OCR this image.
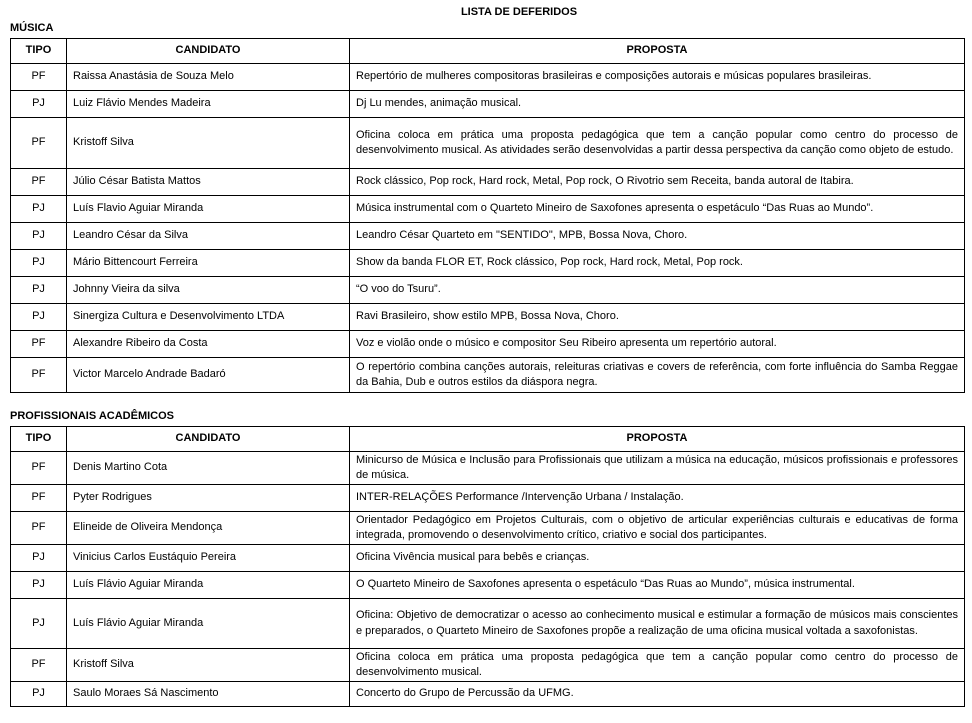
LISTA DE DEFERIDOS
MÚSICA
TIPO	CANDIDATO	PROPOSTA
PF	Raissa Anastásia de Souza Melo	Repertório de mulheres compositoras brasileiras e composições autorais e músicas populares brasileiras.
PJ	Luiz Flávio Mendes Madeira	Dj Lu mendes, animação musical.
PF	Kristoff Silva	Oficina coloca em prática uma proposta pedagógica que tem a canção popular como centro do processo de desenvolvimento musical. As atividades serão desenvolvidas a partir dessa perspectiva da canção como objeto de estudo.
PF	Júlio César Batista Mattos	Rock clássico, Pop rock, Hard rock, Metal, Pop rock, O Rivotrio sem Receita, banda autoral de Itabira.
PJ	Luís Flavio Aguiar Miranda	Música instrumental com o Quarteto Mineiro de Saxofones apresenta o espetáculo “Das Ruas ao Mundo”.
PJ	Leandro César da Silva	Leandro César Quarteto em "SENTIDO", MPB, Bossa Nova, Choro.
PJ	Mário Bittencourt Ferreira	Show da banda FLOR ET, Rock clássico, Pop rock, Hard rock, Metal, Pop rock.
PJ	Johnny Vieira da silva	“O voo do Tsuru”.
PJ	Sinergiza Cultura e Desenvolvimento LTDA	Ravi Brasileiro, show estilo MPB, Bossa Nova, Choro.
PF	Alexandre Ribeiro da Costa	Voz e violão onde o músico e compositor Seu Ribeiro apresenta um repertório autoral.
PF	Victor Marcelo Andrade Badaró	O repertório combina canções autorais, releituras criativas e covers de referência, com forte influência do Samba Reggae da Bahia, Dub e outros estilos da diáspora negra.
PROFISSIONAIS ACADÊMICOS
TIPO	CANDIDATO	PROPOSTA
PF	Denis Martino Cota	Minicurso de Música e Inclusão para Profissionais que utilizam a música na educação, músicos profissionais e professores de música.
PF	Pyter Rodrigues	INTER-RELAÇÕES Performance /Intervenção Urbana / Instalação.
PF	Elineide de Oliveira Mendonça	Orientador Pedagógico em Projetos Culturais, com o objetivo de articular experiências culturais e educativas de forma integrada, promovendo o desenvolvimento crítico, criativo e social dos participantes.
PJ	Vinicius Carlos Eustáquio Pereira	Oficina Vivência musical para bebês e crianças.
PJ	Luís Flávio Aguiar Miranda	O Quarteto Mineiro de Saxofones apresenta o espetáculo “Das Ruas ao Mundo”, música instrumental.
PJ	Luís Flávio Aguiar Miranda	Oficina: Objetivo de democratizar o acesso ao conhecimento musical e estimular a formação de músicos mais conscientes e preparados, o Quarteto Mineiro de Saxofones propõe a realização de uma oficina musical voltada a saxofonistas.
PF	Kristoff Silva	Oficina coloca em prática uma proposta pedagógica que tem a canção popular como centro do processo de desenvolvimento musical.
PJ	Saulo Moraes Sá Nascimento	Concerto do Grupo de Percussão da UFMG.
